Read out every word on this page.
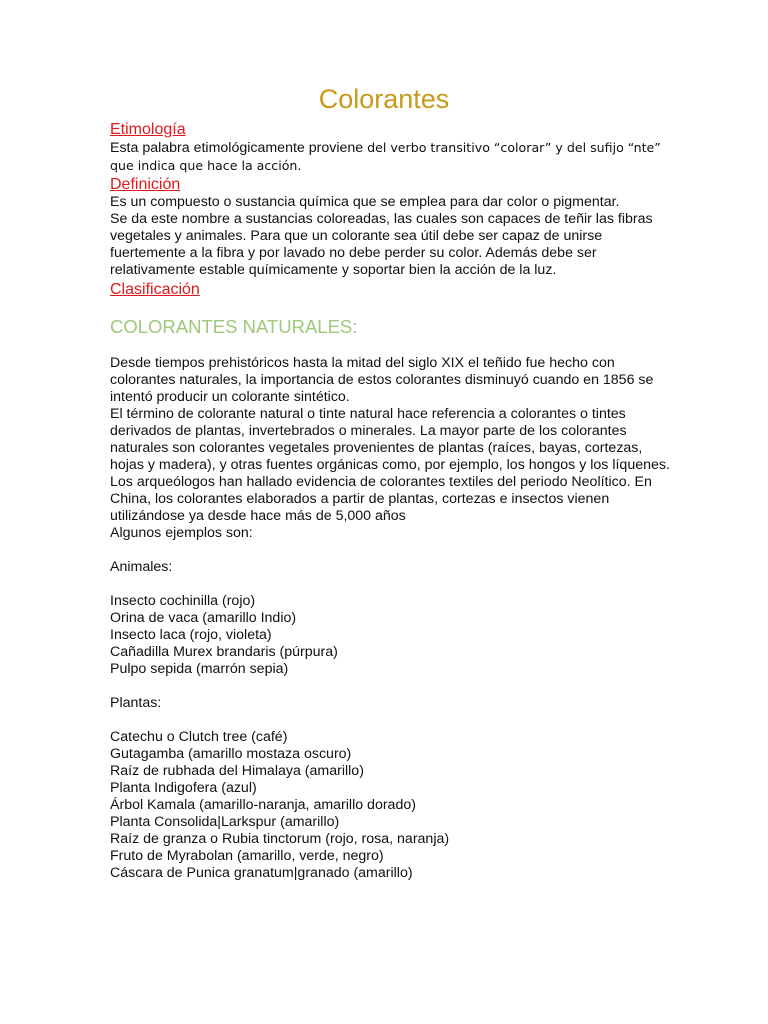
Colorantes

Etimología

Esta palabra etimológicamente proviene del verbo transitivo “colorar” y del sufijo “nte” que indica que hace la acción.

Definición

Es un compuesto o sustancia química que se emplea para dar color o pigmentar.

Se da este nombre a sustancias coloreadas, las cuales son capaces de teñir las fibras vegetales y animales. Para que un colorante sea útil debe ser capaz de unirse fuertemente a la fibra y por lavado no debe perder su color. Además debe ser relativamente estable químicamente y soportar bien la acción de la luz.

Clasificación

COLORANTES NATURALES:

Desde tiempos prehistóricos hasta la mitad del siglo XIX el teñido fue hecho con colorantes naturales, la importancia de estos colorantes disminuyó cuando en 1856 se intentó producir un colorante sintético.

El término de colorante natural o tinte natural hace referencia a colorantes o tintes derivados de plantas, invertebrados o minerales. La mayor parte de los colorantes naturales son colorantes vegetales provenientes de plantas (raíces, bayas, cortezas, hojas y madera), y otras fuentes orgánicas como, por ejemplo, los hongos y los líquenes.

Los arqueólogos han hallado evidencia de colorantes textiles del periodo Neolítico. En China, los colorantes elaborados a partir de plantas, cortezas e insectos vienen utilizándose ya desde hace más de 5,000 años

Algunos ejemplos son:

Animales:

Insecto cochinilla (rojo)
Orina de vaca (amarillo Indio)
Insecto laca (rojo, violeta)
Cañadilla Murex brandaris (púrpura)
Pulpo sepida (marrón sepia)

Plantas:

Catechu o Clutch tree (café)
Gutagamba (amarillo mostaza oscuro)
Raíz de rubhada del Himalaya (amarillo)
Planta Indigofera (azul)
Árbol Kamala (amarillo-naranja, amarillo dorado)
Planta Consolida|Larkspur (amarillo)
Raíz de granza o Rubia tinctorum (rojo, rosa, naranja)
Fruto de Myrabolan (amarillo, verde, negro)
Cáscara de Punica granatum|granado (amarillo)
